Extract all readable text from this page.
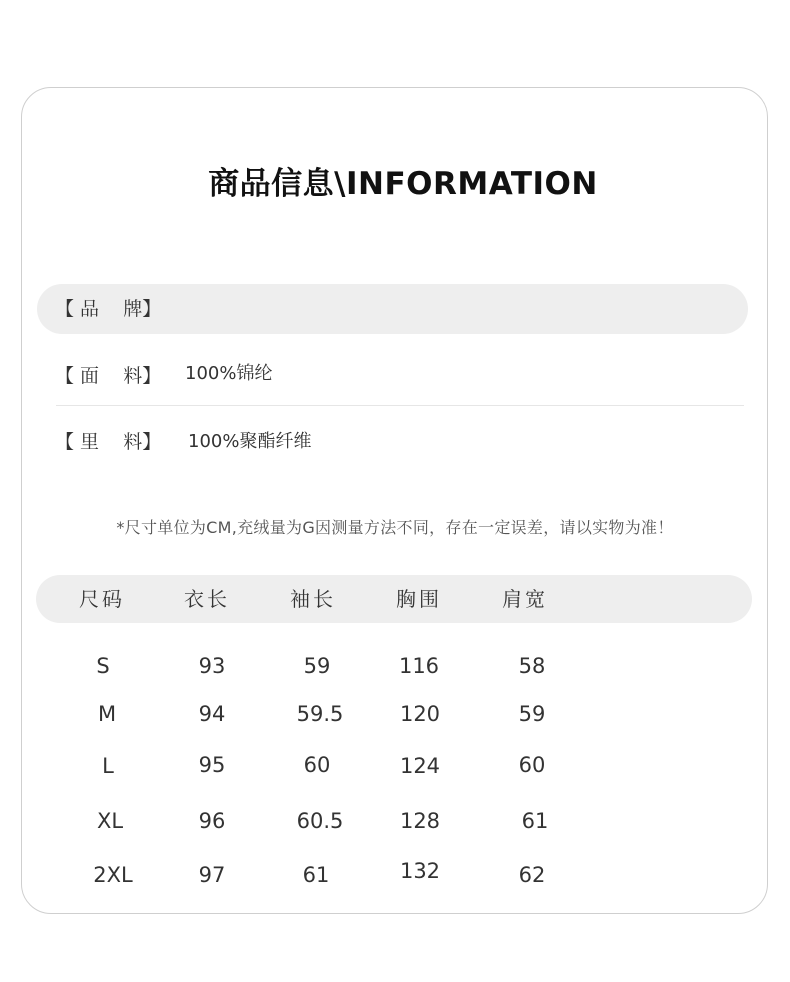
商品信息\INFORMATION
【 品    牌】
【 面    料】 100%锦纶
【 里    料】 100%聚酯纤维
*尺寸单位为CM,充绒量为G因测量方法不同，存在一定误差，请以实物为准！
尺码	衣长	袖长	胸围	肩宽
S	93	59	116	58
M	94	59.5	120	59
L	95	60	124	60
XL	96	60.5	128	61
2XL	97	61	132	62
